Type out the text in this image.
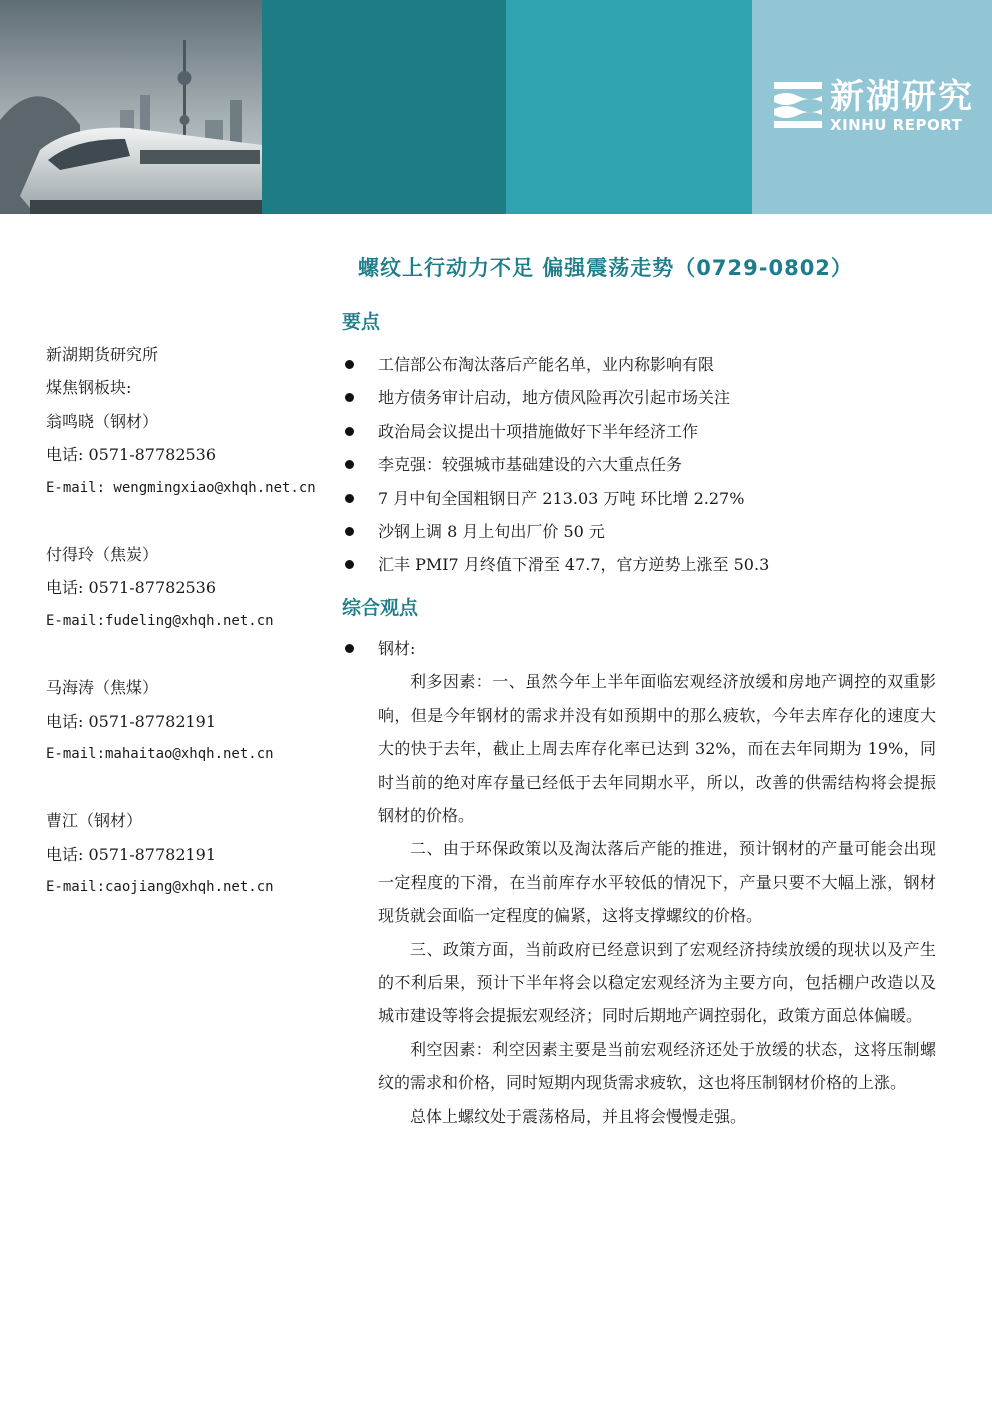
新湖研究
XINHU REPORT
螺纹上行动力不足 偏强震荡走势（0729-0802）
新湖期货研究所
煤焦钢板块:
翁鸣晓（钢材）
电话: 0571-87782536
E-mail: wengmingxiao@xhqh.net.cn
付得玲（焦炭）
电话: 0571-87782536
E-mail:fudeling@xhqh.net.cn
马海涛（焦煤）
电话: 0571-87782191
E-mail:mahaitao@xhqh.net.cn
曹江（钢材）
电话: 0571-87782191
E-mail:caojiang@xhqh.net.cn
要点
工信部公布淘汰落后产能名单，业内称影响有限
地方债务审计启动，地方债风险再次引起市场关注
政治局会议提出十项措施做好下半年经济工作
李克强：较强城市基础建设的六大重点任务
7 月中旬全国粗钢日产 213.03 万吨 环比增 2.27%
沙钢上调 8 月上旬出厂价 50 元
汇丰 PMI7 月终值下滑至 47.7，官方逆势上涨至 50.3
综合观点
钢材:

利多因素：一、虽然今年上半年面临宏观经济放缓和房地产调控的双重影响，但是今年钢材的需求并没有如预期中的那么疲软，今年去库存化的速度大大的快于去年，截止上周去库存化率已达到 32%，而在去年同期为 19%，同时当前的绝对库存量已经低于去年同期水平，所以，改善的供需结构将会提振钢材的价格。

二、由于环保政策以及淘汰落后产能的推进，预计钢材的产量可能会出现一定程度的下滑，在当前库存水平较低的情况下，产量只要不大幅上涨，钢材现货就会面临一定程度的偏紧，这将支撑螺纹的价格。

三、政策方面，当前政府已经意识到了宏观经济持续放缓的现状以及产生的不利后果，预计下半年将会以稳定宏观经济为主要方向，包括棚户改造以及城市建设等将会提振宏观经济；同时后期地产调控弱化，政策方面总体偏暖。

利空因素：利空因素主要是当前宏观经济还处于放缓的状态，这将压制螺纹的需求和价格，同时短期内现货需求疲软，这也将压制钢材价格的上涨。

总体上螺纹处于震荡格局，并且将会慢慢走强。
